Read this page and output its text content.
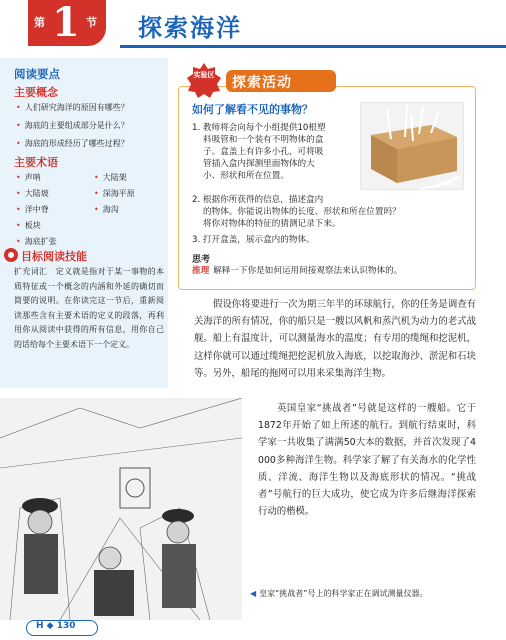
第 1 节 探索海洋
阅读要点
主要概念
• 人们研究海洋的原因有哪些？
• 海底的主要组成部分是什么？
• 海底的形成经历了哪些过程？
主要术语
• 声呐	• 大陆架
• 大陆坡	• 深海平原
• 洋中脊	• 海沟
• 板块
• 海底扩张
目标阅读技能
扩充词汇　定义就是指对于某一事物的本质特征或一个概念的内涵和外延的确切而简要的说明。在你读完这一节后，重新阅读那些含有主要术语的定义的段落，再利用你从阅读中获得的所有信息，用你自己的话给每个主要术语下一个定义。
探索活动
实验区
如何了解看不见的事物？
1. 教师将会向每个小组提供10根塑
料吸管和一个装有不明物体的盒
子。盒盖上有许多小孔，可将吸
管插入盒内探测里面物体的大
小、形状和所在位置。
2. 根据你所获得的信息，描述盒内
的物体。你能说出物体的长度、形状和所在位置吗？
将你对物体的特征的猜测记录下来。
3. 打开盒盖，展示盒内的物体。
思考
推理 解释一下你是如何运用间接观察法来认识物体的。
假设你将要进行一次为期三年半的环球航行，你的任务是调查有关海洋的所有情况，你的船只是一艘以风帆和蒸汽机为动力的老式战舰。船上有温度计，可以测量海水的温度；有专用的缆绳和挖泥机，这样你就可以通过缆绳把挖泥机放入海底，以挖取海沙、淤泥和石块等。另外，船尾的拖网可以用来采集海洋生物。
英国皇家“挑战者”号就是这样的一艘船。它于1872年开始了如上所述的航行。到航行结束时，科学家一共收集了满满50大本的数据，并首次发现了4 000多种海洋生物。科学家了解了有关海水的化学性质、洋流、海洋生物以及海底形状的情况。“挑战者”号航行的巨大成功，使它成为许多后继海洋探索行动的楷模。
◀ 皇家“挑战者”号上的科学家正在调试测量仪器。
H ◆ 130
